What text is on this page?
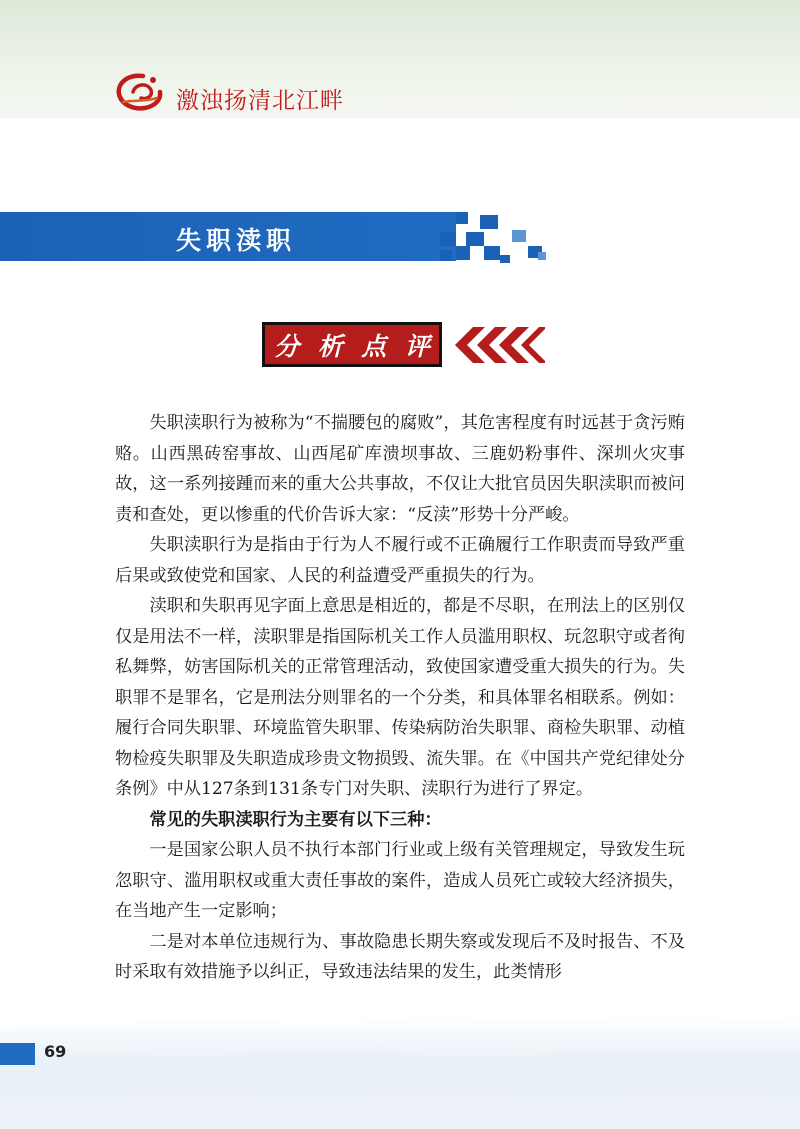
激浊扬清北江畔
失职渎职
分 析 点 评

失职渎职行为被称为“不揣腰包的腐败”，其危害程度有时远甚于贪污贿赂。山西黑砖窑事故、山西尾矿库溃坝事故、三鹿奶粉事件、深圳火灾事故，这一系列接踵而来的重大公共事故，不仅让大批官员因失职渎职而被问责和查处，更以惨重的代价告诉大家：“反渎”形势十分严峻。

失职渎职行为是指由于行为人不履行或不正确履行工作职责而导致严重后果或致使党和国家、人民的利益遭受严重损失的行为。

渎职和失职再见字面上意思是相近的，都是不尽职，在刑法上的区别仅仅是用法不一样，渎职罪是指国际机关工作人员滥用职权、玩忽职守或者徇私舞弊，妨害国际机关的正常管理活动，致使国家遭受重大损失的行为。失职罪不是罪名，它是刑法分则罪名的一个分类，和具体罪名相联系。例如：履行合同失职罪、环境监管失职罪、传染病防治失职罪、商检失职罪、动植物检疫失职罪及失职造成珍贵文物损毁、流失罪。在《中国共产党纪律处分条例》中从127条到131条专门对失职、渎职行为进行了界定。

常见的失职渎职行为主要有以下三种：

一是国家公职人员不执行本部门行业或上级有关管理规定，导致发生玩忽职守、滥用职权或重大责任事故的案件，造成人员死亡或较大经济损失，在当地产生一定影响；

二是对本单位违规行为、事故隐患长期失察或发现后不及时报告、不及时采取有效措施予以纠正，导致违法结果的发生，此类情形

69
